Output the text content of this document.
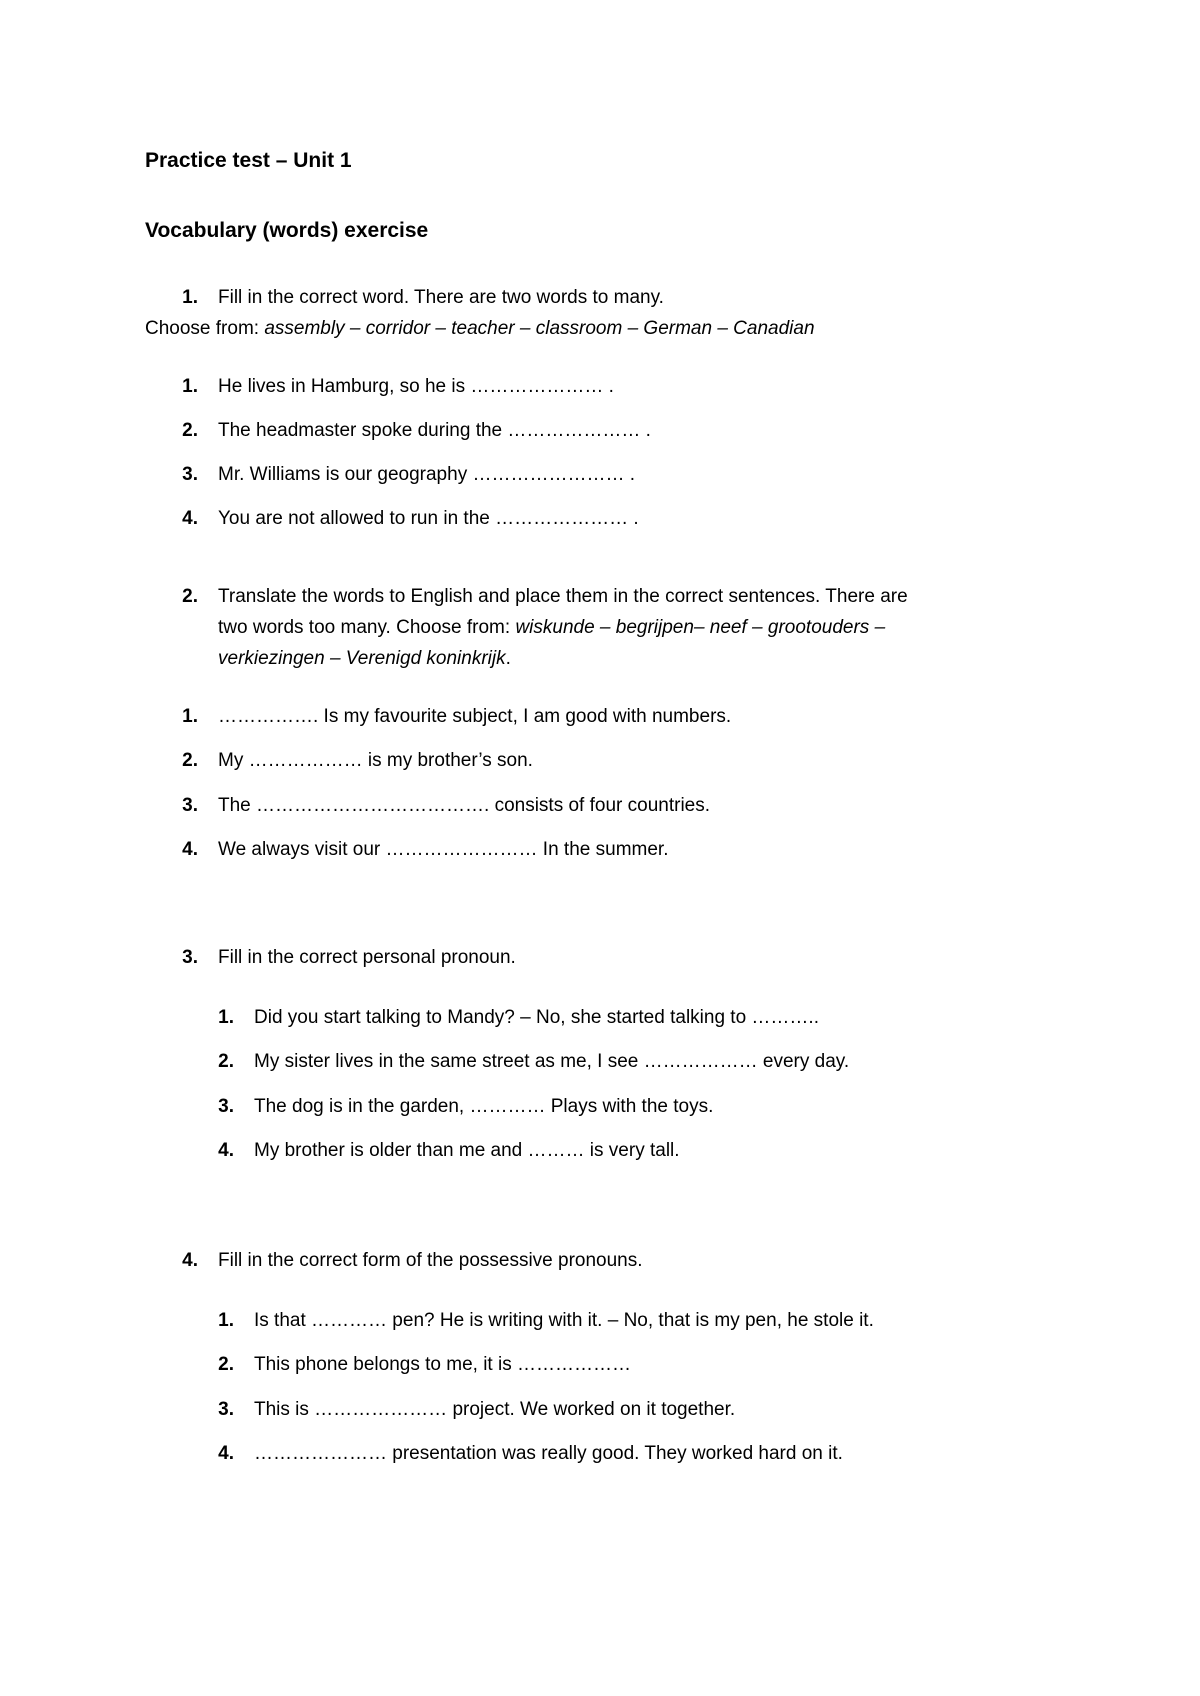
Practice test – Unit 1
Vocabulary (words) exercise
1. Fill in the correct word. There are two words to many.
Choose from: assembly – corridor – teacher – classroom – German – Canadian
1. He lives in Hamburg, so he is ………………… .
2. The headmaster spoke during the ………………… .
3. Mr. Williams is our geography …………………… .
4. You are not allowed to run in the ………………… .
2. Translate the words to English and place them in the correct sentences. There are
two words too many. Choose from: wiskunde – begrijpen– neef – grootouders –
verkiezingen – Verenigd koninkrijk.
1. ……………. Is my favourite subject, I am good with numbers.
2. My ……………… is my brother’s son.
3. The ………………………………. consists of four countries.
4. We always visit our …………………… In the summer.
3. Fill in the correct personal pronoun.
1. Did you start talking to Mandy? – No, she started talking to ………..
2. My sister lives in the same street as me, I see ……………… every day.
3. The dog is in the garden, ………… Plays with the toys.
4. My brother is older than me and ……… is very tall.
4. Fill in the correct form of the possessive pronouns.
1. Is that ………… pen? He is writing with it. – No, that is my pen, he stole it.
2. This phone belongs to me, it is ………………
3. This is ………………… project. We worked on it together.
4. ………………… presentation was really good. They worked hard on it.
